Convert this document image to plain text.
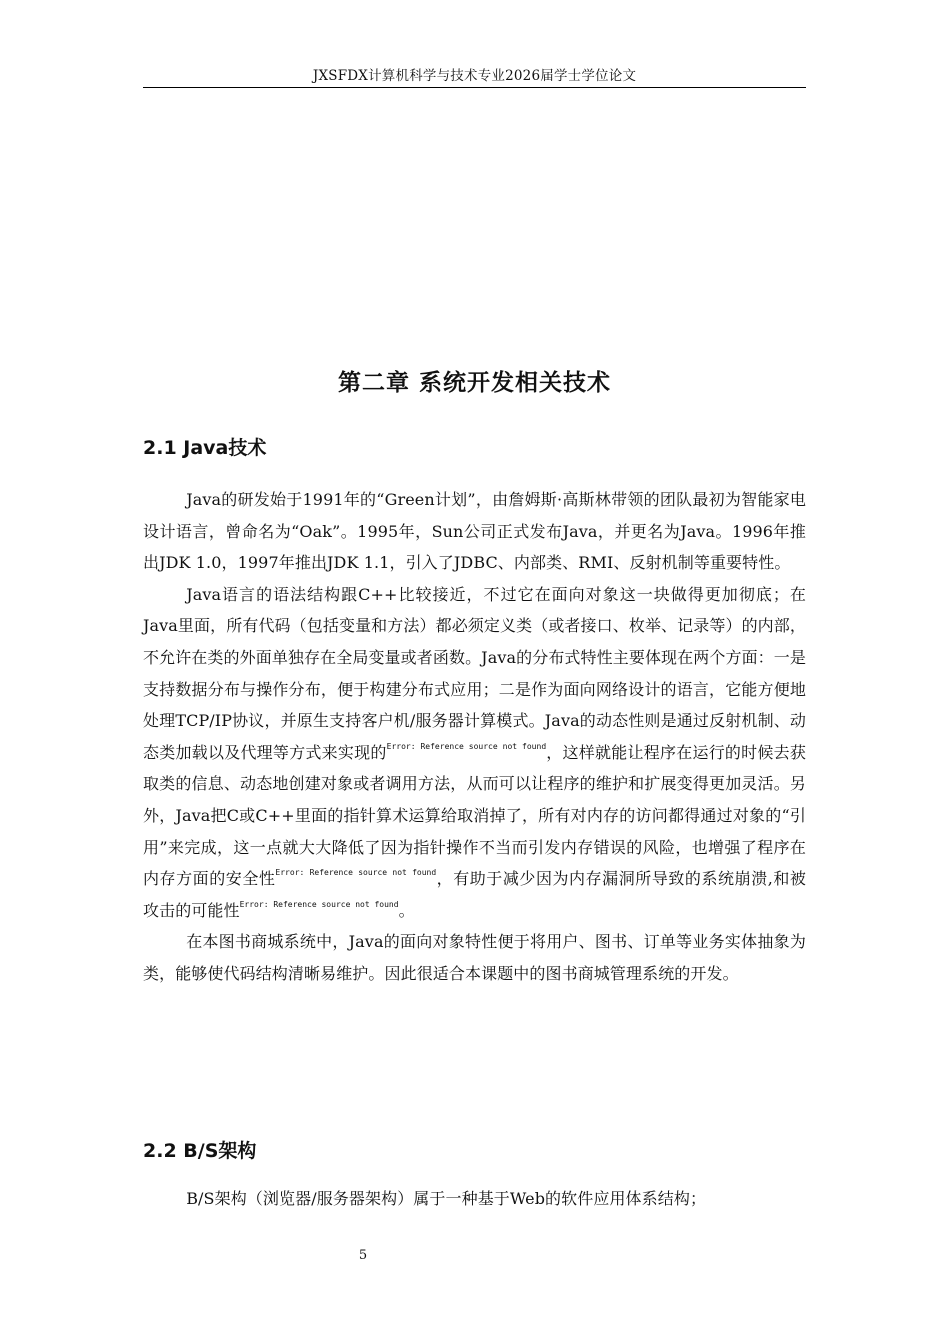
JXSFDX计算机科学与技术专业2026届学士学位论文
第二章 系统开发相关技术
2.1 Java技术

Java的研发始于1991年的“Green计划”，由詹姆斯·高斯林带领的团队最初为智能家电设计语言，曾命名为“Oak”。1995年，Sun公司正式发布Java，并更名为Java。1996年推出JDK 1.0，1997年推出JDK 1.1，引入了JDBC、内部类、RMI、反射机制等重要特性。

Java语言的语法结构跟C++比较接近，不过它在面向对象这一块做得更加彻底；在Java里面，所有代码（包括变量和方法）都必须定义类（或者接口、枚举、记录等）的内部，不允许在类的外面单独存在全局变量或者函数。Java的分布式特性主要体现在两个方面：一是支持数据分布与操作分布，便于构建分布式应用；二是作为面向网络设计的语言，它能方便地处理TCP/IP协议，并原生支持客户机/服务器计算模式。Java的动态性则是通过反射机制、动态类加载以及代理等方式来实现的$^{Error: Reference source not found}$，这样就能让程序在运行的时候去获取类的信息、动态地创建对象或者调用方法，从而可以让程序的维护和扩展变得更加灵活。另外，Java把C或C++里面的指针算术运算给取消掉了，所有对内存的访问都得通过对象的“引用”来完成，这一点就大大降低了因为指针操作不当而引发内存错误的风险，也增强了程序在内存方面的安全性$^{Error: Reference source not found}$，有助于减少因为内存漏洞所导致的系统崩溃,和被攻击的可能性$^{Error: Reference source not found}$。

在本图书商城系统中，Java的面向对象特性便于将用户、图书、订单等业务实体抽象为类，能够使代码结构清晰易维护。因此很适合本课题中的图书商城管理系统的开发。

2.2 B/S架构

B/S架构（浏览器/服务器架构）属于一种基于Web的软件应用体系结构；

5
